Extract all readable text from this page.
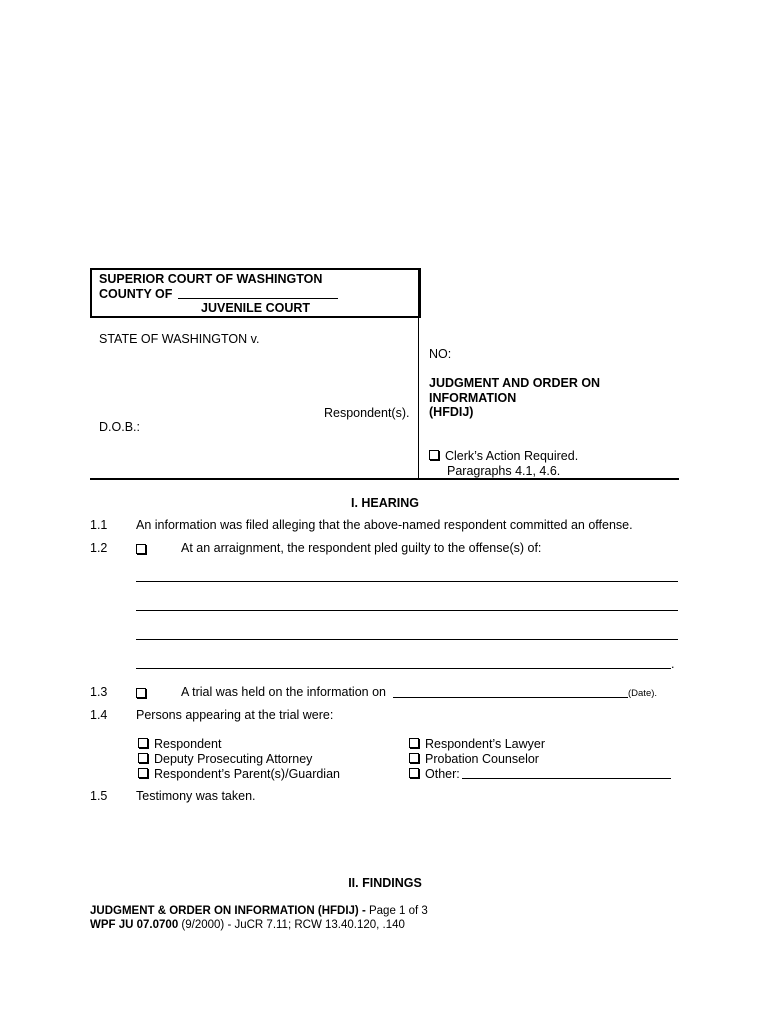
SUPERIOR COURT OF WASHINGTON
COUNTY OF
JUVENILE COURT
STATE OF WASHINGTON v.
Respondent(s).
D.O.B.:
NO:
JUDGMENT AND ORDER ON
INFORMATION
(HFDIJ)
Clerk’s Action Required.
Paragraphs 4.1, 4.6.
I. HEARING
1.1 An information was filed alleging that the above-named respondent committed an offense.
1.2	At an arraignment, the respondent pled guilty to the offense(s) of:
.
1.3	A trial was held on the information on	(Date).
1.4 Persons appearing at the trial were:
Respondent
Deputy Prosecuting Attorney
Respondent’s Parent(s)/Guardian
Respondent’s Lawyer
Probation Counselor
Other:
1.5 Testimony was taken.
II. FINDINGS
JUDGMENT & ORDER ON INFORMATION (HFDIJ) - Page 1 of 3
WPF JU 07.0700 (9/2000) - JuCR 7.11; RCW 13.40.120, .140
